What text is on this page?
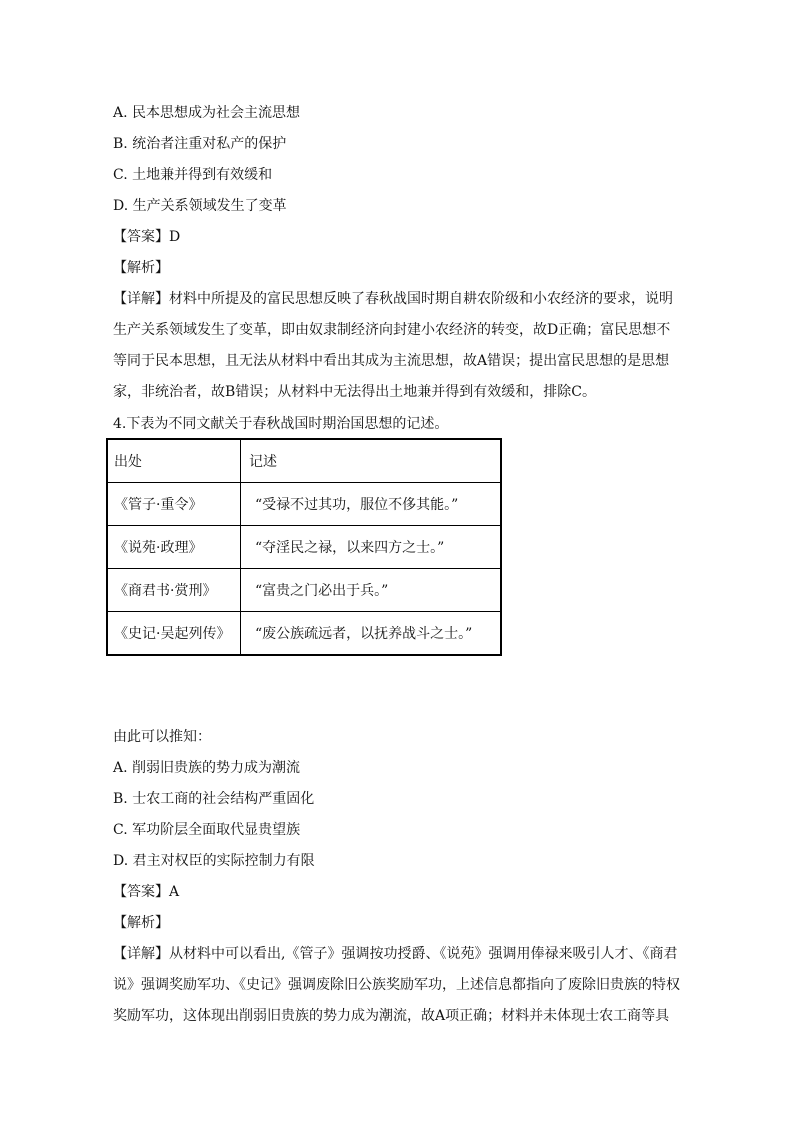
A. 民本思想成为社会主流思想
B. 统治者注重对私产的保护
C. 土地兼并得到有效缓和
D. 生产关系领域发生了变革
【答案】D
【解析】
【详解】材料中所提及的富民思想反映了春秋战国时期自耕农阶级和小农经济的要求，说明
生产关系领域发生了变革，即由奴隶制经济向封建小农经济的转变，故D正确；富民思想不
等同于民本思想，且无法从材料中看出其成为主流思想，故A错误；提出富民思想的是思想
家，非统治者，故B错误；从材料中无法得出土地兼并得到有效缓和，排除C。
4.下表为不同文献关于春秋战国时期治国思想的记述。
出处	记述
《管子·重令》	“受禄不过其功，服位不侈其能。”
《说苑·政理》	“夺淫民之禄，以来四方之士。”
《商君书·赏刑》	“富贵之门必出于兵。”
《史记·吴起列传》	“废公族疏远者，以抚养战斗之士。”
由此可以推知：
A. 削弱旧贵族的势力成为潮流
B. 士农工商的社会结构严重固化
C. 军功阶层全面取代显贵望族
D. 君主对权臣的实际控制力有限
【答案】A
【解析】
【详解】从材料中可以看出,《管子》强调按功授爵、《说苑》强调用俸禄来吸引人才、《商君
说》强调奖励军功、《史记》强调废除旧公族奖励军功，上述信息都指向了废除旧贵族的特权
奖励军功，这体现出削弱旧贵族的势力成为潮流，故A项正确；材料并未体现士农工商等具
